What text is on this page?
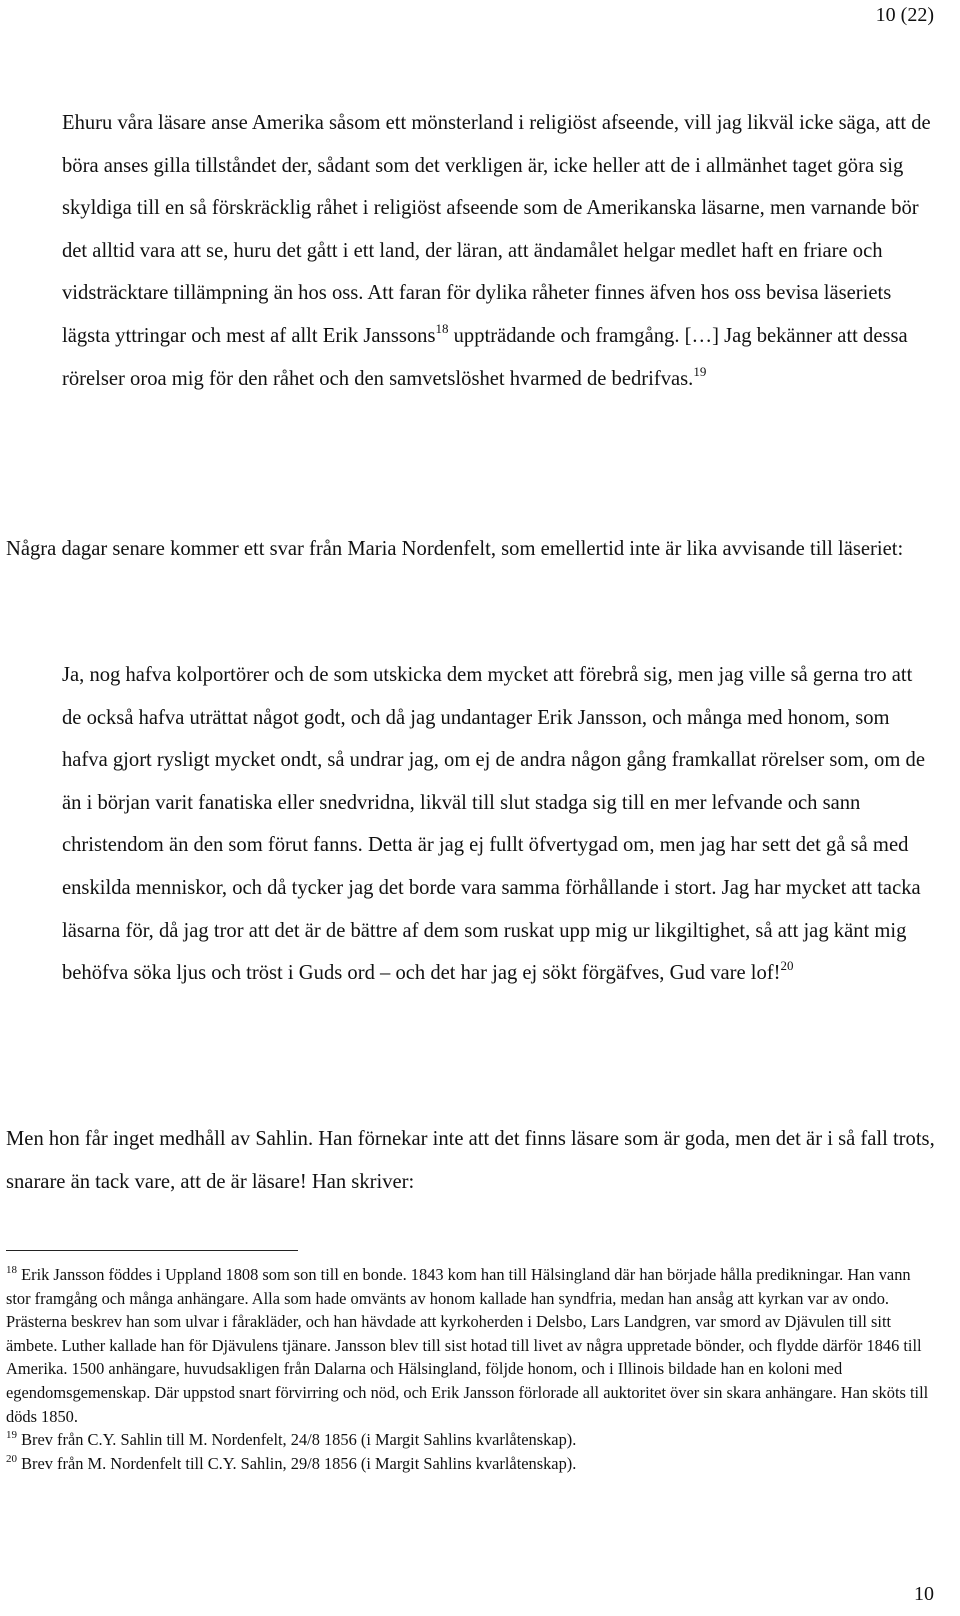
10 (22)

Ehuru våra läsare anse Amerika såsom ett mönsterland i religiöst afseende, vill jag likväl icke säga, att de böra anses gilla tillståndet der, sådant som det verkligen är, icke heller att de i allmänhet taget göra sig skyldiga till en så förskräcklig råhet i religiöst afseende som de Amerikanska läsarne, men varnande bör det alltid vara att se, huru det gått i ett land, der läran, att ändamålet helgar medlet haft en friare och vidsträcktare tillämpning än hos oss. Att faran för dylika råheter finnes äfven hos oss bevisa läseriets lägsta yttringar och mest af allt Erik Janssons$^{18}$ uppträdande och framgång. […] Jag bekänner att dessa rörelser oroa mig för den råhet och den samvetslöshet hvarmed de bedrifvas.$^{19}$

Några dagar senare kommer ett svar från Maria Nordenfelt, som emellertid inte är lika avvisande till läseriet:

Ja, nog hafva kolportörer och de som utskicka dem mycket att förebrå sig, men jag ville så gerna tro att de också hafva uträttat något godt, och då jag undantager Erik Jansson, och många med honom, som hafva gjort rysligt mycket ondt, så undrar jag, om ej de andra någon gång framkallat rörelser som, om de än i början varit fanatiska eller snedvridna, likväl till slut stadga sig till en mer lefvande och sann christendom än den som förut fanns. Detta är jag ej fullt öfvertygad om, men jag har sett det gå så med enskilda menniskor, och då tycker jag det borde vara samma förhållande i stort. Jag har mycket att tacka läsarna för, då jag tror att det är de bättre af dem som ruskat upp mig ur likgiltighet, så att jag känt mig behöfva söka ljus och tröst i Guds ord – och det har jag ej sökt förgäfves, Gud vare lof!$^{20}$

Men hon får inget medhåll av Sahlin. Han förnekar inte att det finns läsare som är goda, men det är i så fall trots, snarare än tack vare, att de är läsare! Han skriver:

$^{18}$ Erik Jansson föddes i Uppland 1808 som son till en bonde. 1843 kom han till Hälsingland där han började hålla predikningar. Han vann stor framgång och många anhängare. Alla som hade omvänts av honom kallade han syndfria, medan han ansåg att kyrkan var av ondo. Prästerna beskrev han som ulvar i fårakläder, och han hävdade att kyrkoherden i Delsbo, Lars Landgren, var smord av Djävulen till sitt ämbete. Luther kallade han för Djävulens tjänare. Jansson blev till sist hotad till livet av några uppretade bönder, och flydde därför 1846 till Amerika. 1500 anhängare, huvudsakligen från Dalarna och Hälsingland, följde honom, och i Illinois bildade han en koloni med egendomsgemenskap. Där uppstod snart förvirring och nöd, och Erik Jansson förlorade all auktoritet över sin skara anhängare. Han sköts till döds 1850.

$^{19}$ Brev från C.Y. Sahlin till M. Nordenfelt, 24/8 1856 (i Margit Sahlins kvarlåtenskap).

$^{20}$ Brev från M. Nordenfelt till C.Y. Sahlin, 29/8 1856 (i Margit Sahlins kvarlåtenskap).

10
